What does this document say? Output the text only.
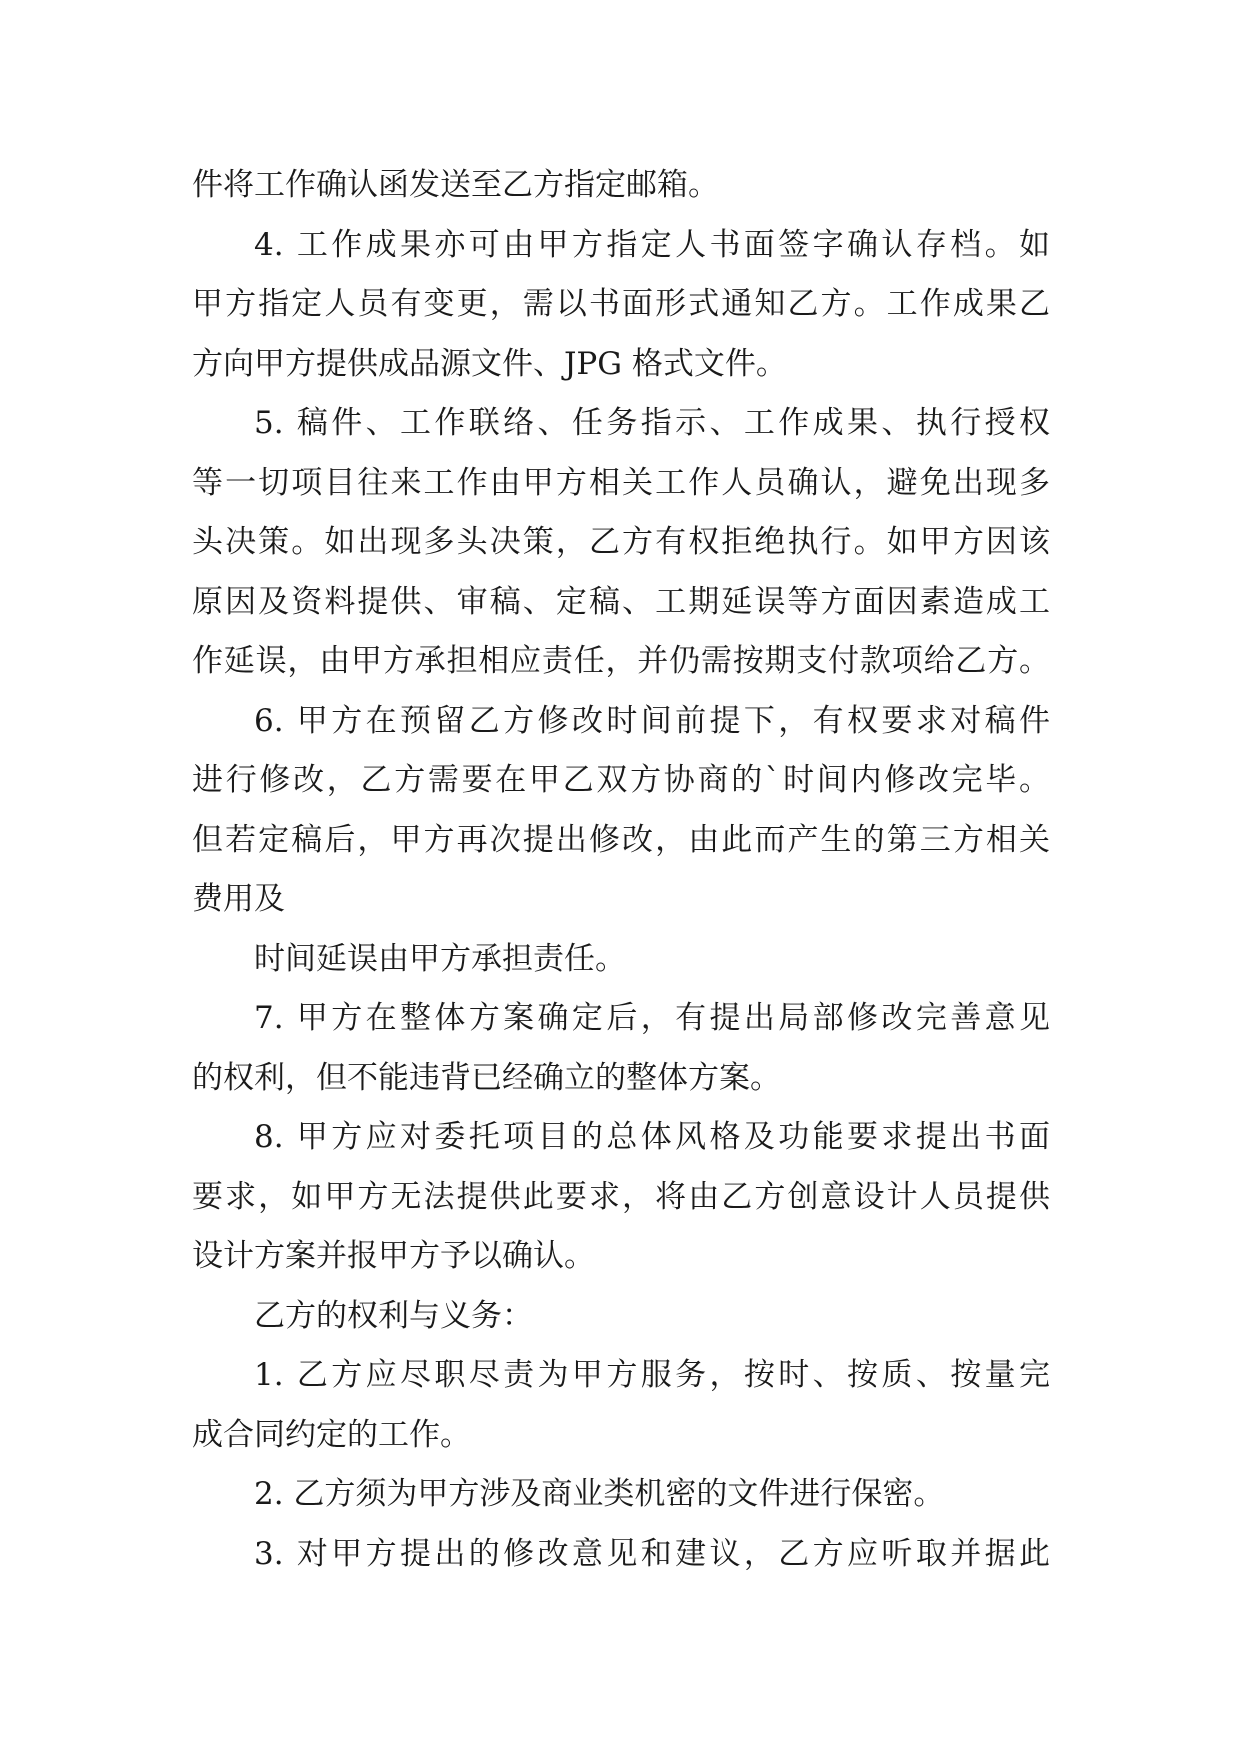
件将工作确认函发送至乙方指定邮箱。
4. 工作成果亦可由甲方指定人书面签字确认存档。如
甲方指定人员有变更，需以书面形式通知乙方。工作成果乙
方向甲方提供成品源文件、JPG 格式文件。
5. 稿件、工作联络、任务指示、工作成果、执行授权
等一切项目往来工作由甲方相关工作人员确认，避免出现多
头决策。如出现多头决策，乙方有权拒绝执行。如甲方因该
原因及资料提供、审稿、定稿、工期延误等方面因素造成工
作延误，由甲方承担相应责任，并仍需按期支付款项给乙方。
6. 甲方在预留乙方修改时间前提下，有权要求对稿件
进行修改，乙方需要在甲乙双方协商的`时间内修改完毕。
但若定稿后，甲方再次提出修改，由此而产生的第三方相关
费用及
时间延误由甲方承担责任。
7. 甲方在整体方案确定后，有提出局部修改完善意见
的权利，但不能违背已经确立的整体方案。
8. 甲方应对委托项目的总体风格及功能要求提出书面
要求，如甲方无法提供此要求，将由乙方创意设计人员提供
设计方案并报甲方予以确认。
乙方的权利与义务：
1. 乙方应尽职尽责为甲方服务，按时、按质、按量完
成合同约定的工作。
2. 乙方须为甲方涉及商业类机密的文件进行保密。
3. 对甲方提出的修改意见和建议，乙方应听取并据此
